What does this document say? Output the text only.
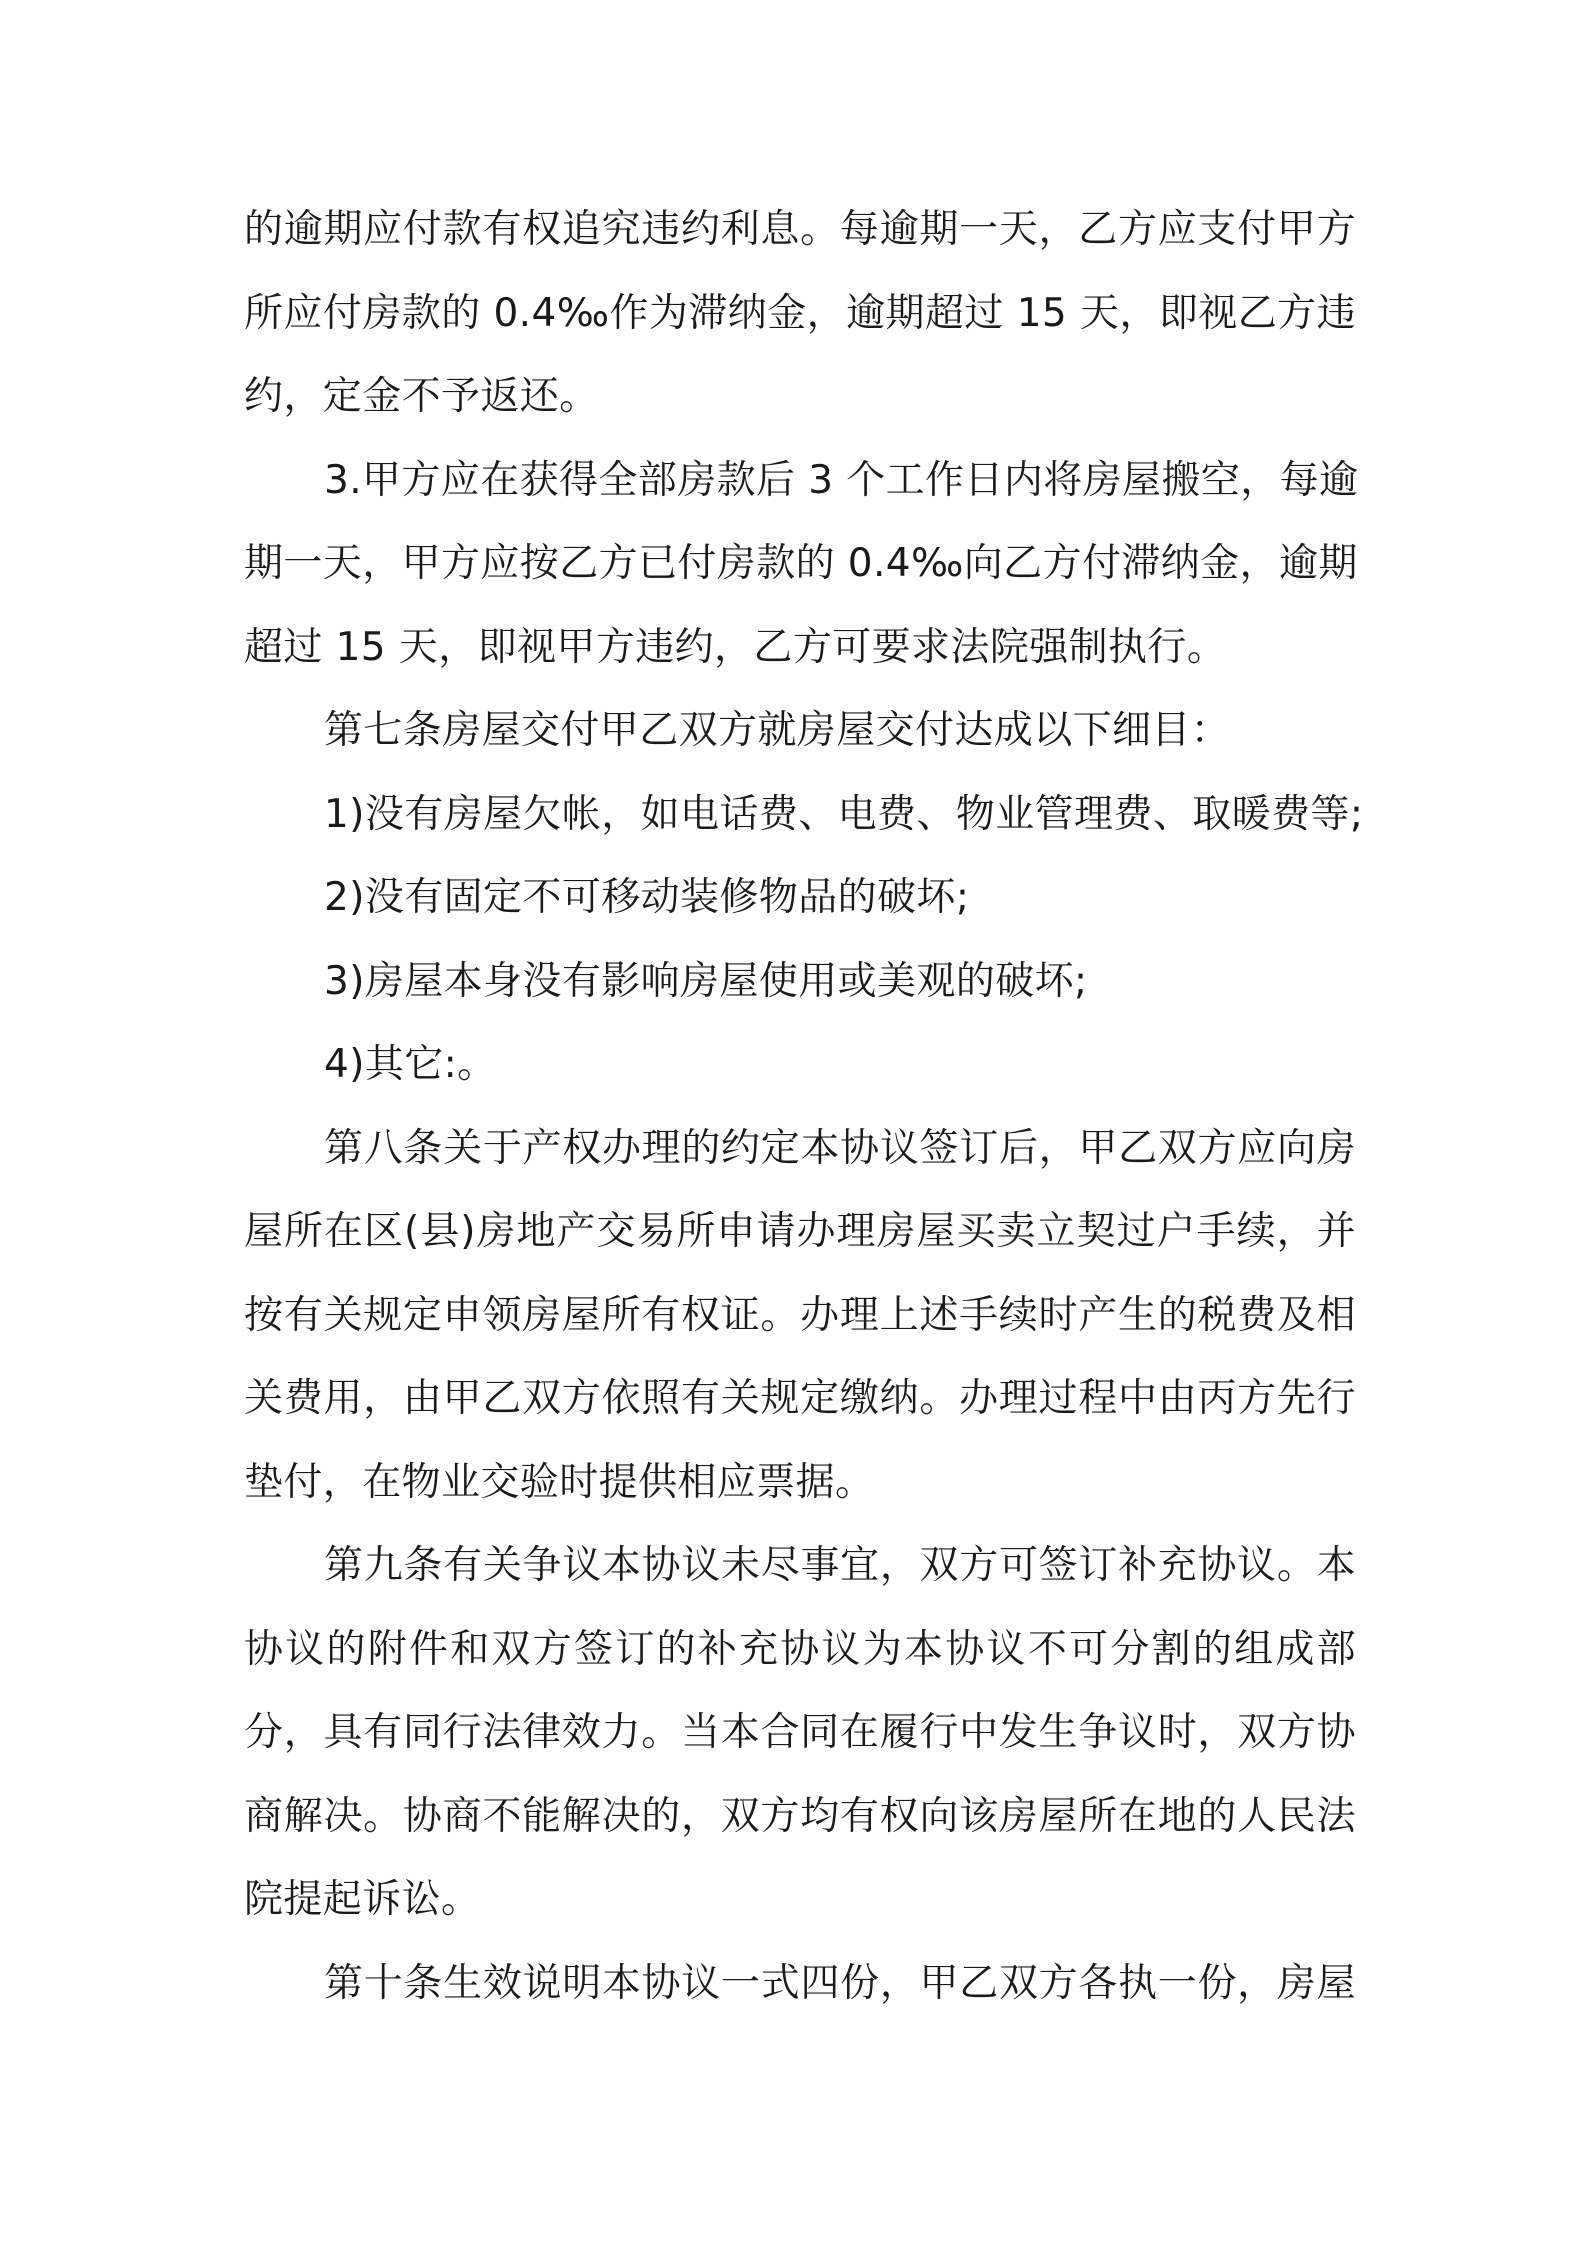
的逾期应付款有权追究违约利息。每逾期一天，乙方应支付甲方
所应付房款的 0.4‰作为滞纳金，逾期超过 15 天，即视乙方违
约，定金不予返还。

3.甲方应在获得全部房款后 3 个工作日内将房屋搬空，每逾
期一天，甲方应按乙方已付房款的 0.4‰向乙方付滞纳金，逾期
超过 15 天，即视甲方违约，乙方可要求法院强制执行。

第七条房屋交付甲乙双方就房屋交付达成以下细目：

1)没有房屋欠帐，如电话费、电费、物业管理费、取暖费等;

2)没有固定不可移动装修物品的破坏;

3)房屋本身没有影响房屋使用或美观的破坏;

4)其它:。

第八条关于产权办理的约定本协议签订后，甲乙双方应向房
屋所在区(县)房地产交易所申请办理房屋买卖立契过户手续，并
按有关规定申领房屋所有权证。办理上述手续时产生的税费及相
关费用，由甲乙双方依照有关规定缴纳。办理过程中由丙方先行
垫付，在物业交验时提供相应票据。

第九条有关争议本协议未尽事宜，双方可签订补充协议。本
协议的附件和双方签订的补充协议为本协议不可分割的组成部
分，具有同行法律效力。当本合同在履行中发生争议时，双方协
商解决。协商不能解决的，双方均有权向该房屋所在地的人民法
院提起诉讼。

第十条生效说明本协议一式四份，甲乙双方各执一份，房屋
